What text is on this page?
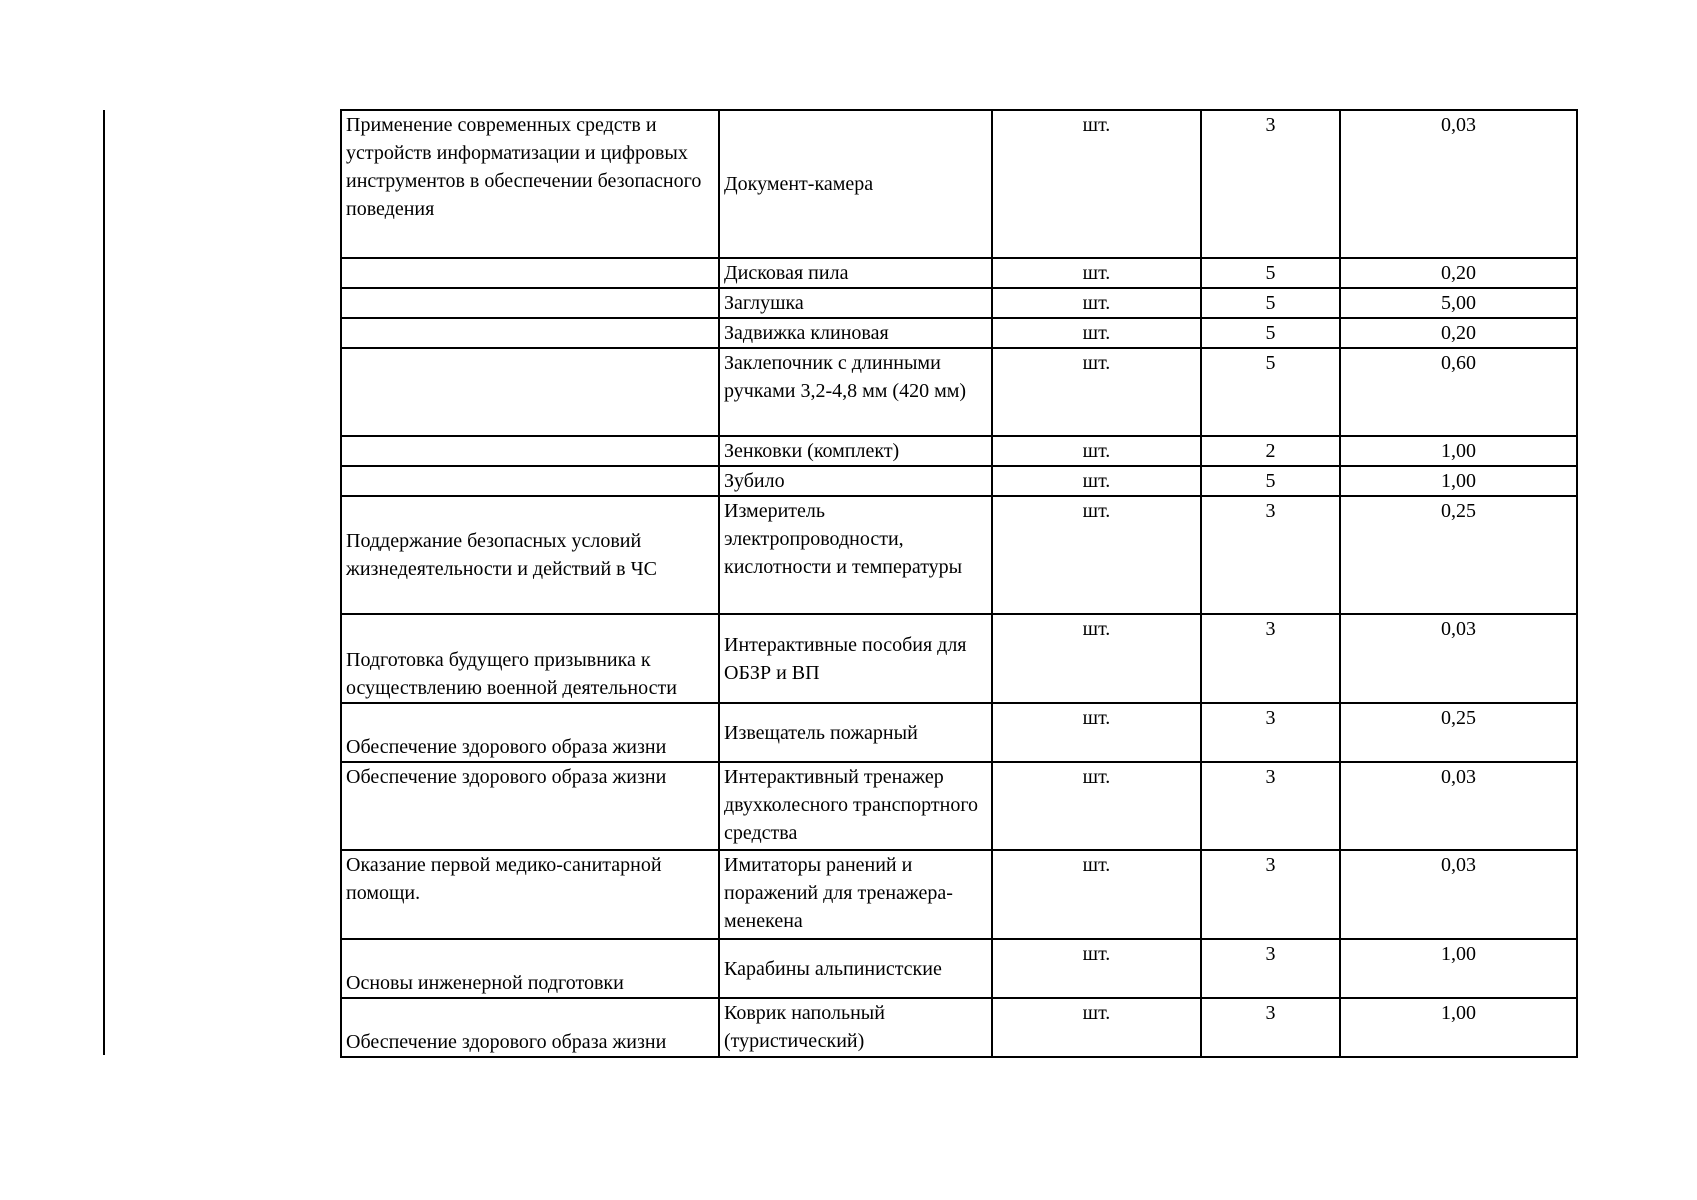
Применение современных средств и устройств информатизации и цифровых инструментов в обеспечении безопасного поведения	Документ-камера	шт.	3	0,03
	Дисковая пила	шт.	5	0,20
	Заглушка	шт.	5	5,00
	Задвижка клиновая	шт.	5	0,20
	Заклепочник с длинными ручками 3,2-4,8 мм (420 мм)	шт.	5	0,60
	Зенковки (комплект)	шт.	2	1,00
	Зубило	шт.	5	1,00
Поддержание безопасных условий жизнедеятельности и действий в ЧС	Измеритель электропроводности, кислотности и температуры	шт.	3	0,25
Подготовка будущего призывника к осуществлению военной деятельности	Интерактивные пособия для ОБЗР и ВП	шт.	3	0,03
Обеспечение здорового образа жизни	Извещатель пожарный	шт.	3	0,25
Обеспечение здорового образа жизни	Интерактивный тренажер двухколесного транспортного средства	шт.	3	0,03
Оказание первой медико-санитарной помощи.	Имитаторы ранений и поражений для тренажера-менекена	шт.	3	0,03
Основы инженерной подготовки	Карабины альпинистские	шт.	3	1,00
Обеспечение здорового образа жизни	Коврик напольный (туристический)	шт.	3	1,00
